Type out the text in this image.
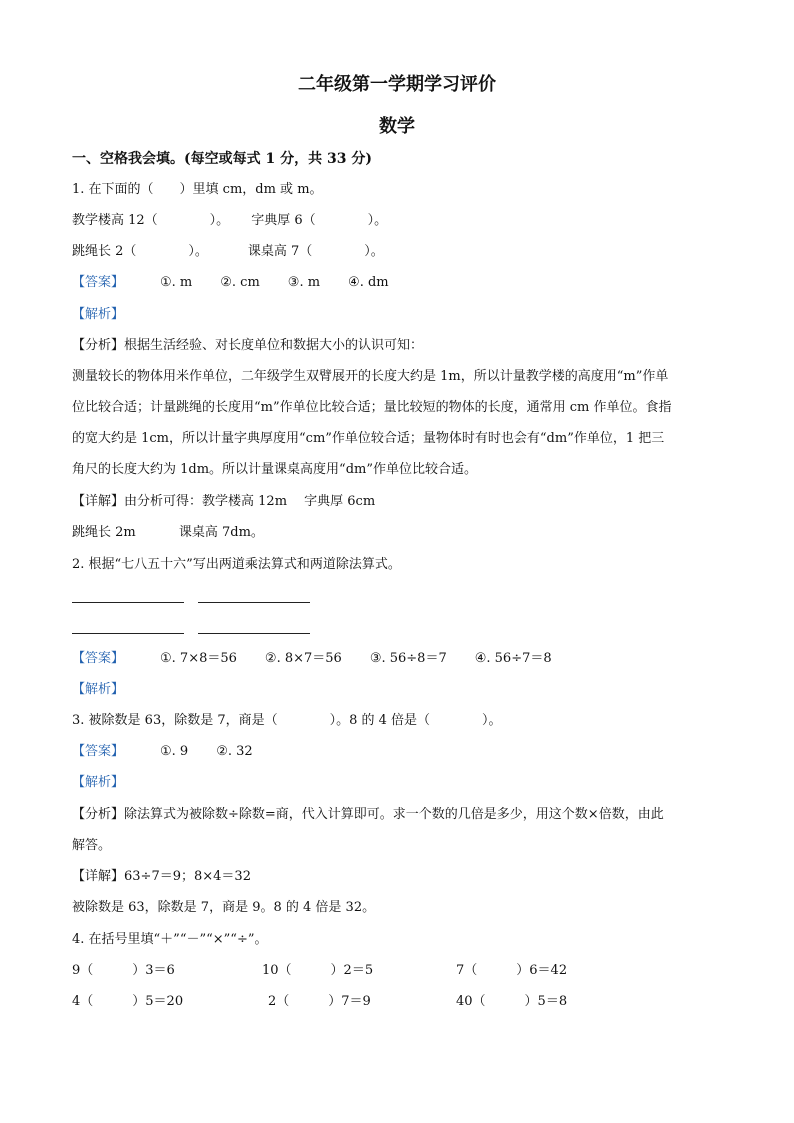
二年级第一学期学习评价
数学
一、空格我会填。(每空或每式 1 分，共 33 分)
1. 在下面的（　　）里填 cm，dm 或 m。
教学楼高 12（　　　　）。 字典厚 6（　　　　）。
跳绳长 2（　　　　）。	课桌高 7（　　　　）。
【答案】	①. m ②. cm ③. m ④. dm
【解析】
【分析】根据生活经验、对长度单位和数据大小的认识可知：
测量较长的物体用米作单位，二年级学生双臂展开的长度大约是 1m，所以计量教学楼的高度用“m”作单
位比较合适；计量跳绳的长度用“m”作单位比较合适；量比较短的物体的长度，通常用 cm 作单位。食指
的宽大约是 1cm，所以计量字典厚度用“cm”作单位较合适；量物体时有时也会有“dm”作单位，1 把三
角尺的长度大约为 1dm。所以计量课桌高度用“dm”作单位比较合适。
【详解】由分析可得：教学楼高 12m　 字典厚 6cm
跳绳长 2m　　　 课桌高 7dm。
2. 根据“七八五十六”写出两道乘法算式和两道除法算式。
【答案】	①. 7×8＝56 ②. 8×7＝56 ③. 56÷8＝7 ④. 56÷7＝8
【解析】
3. 被除数是 63，除数是 7，商是（　　　　）。8 的 4 倍是（　　　　）。
【答案】	①. 9 ②. 32
【解析】
【分析】除法算式为被除数÷除数=商，代入计算即可。求一个数的几倍是多少，用这个数×倍数，由此
解答。
【详解】63÷7＝9；8×4＝32
被除数是 63，除数是 7，商是 9。8 的 4 倍是 32。
4. 在括号里填“＋”“－”“×”“÷”。
9（　　　）3＝6	10（　　　）2＝5	7（　　　）6＝42
4（　　　）5＝20	2（　　　）7＝9	40（　　　）5＝8
